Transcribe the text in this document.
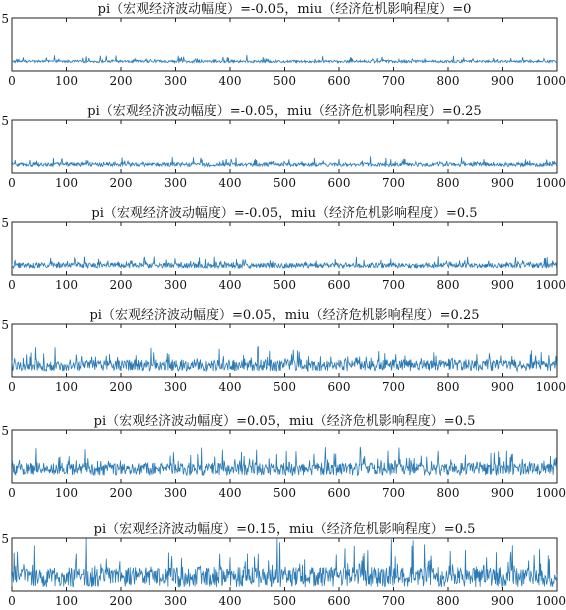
pi（宏观经济波动幅度）=-0.05，miu（经济危机影响程度）=0
5
0	100	200	300	400	500	600	700	800	900 1000
pi（宏观经济波动幅度）=-0.05，miu（经济危机影响程度）=0.25
5
0	100	200	300	400	500	600	700	800	900 1000
pi（宏观经济波动幅度）=-0.05，miu（经济危机影响程度）=0.5
5
0	100	200	300	400	500	600	700	800	900 1000
pi（宏观经济波动幅度）=0.05，miu（经济危机影响程度）=0.25
5
0	100	200	300	400	500	600	700	800	900 1000
pi（宏观经济波动幅度）=0.05，miu（经济危机影响程度）=0.5
5
0	100	200	300	400	500	600	700	800	900 1000
pi（宏观经济波动幅度）=0.15，miu（经济危机影响程度）=0.5
5
0	100	200	300	400	500	600	700	800	900 1000
